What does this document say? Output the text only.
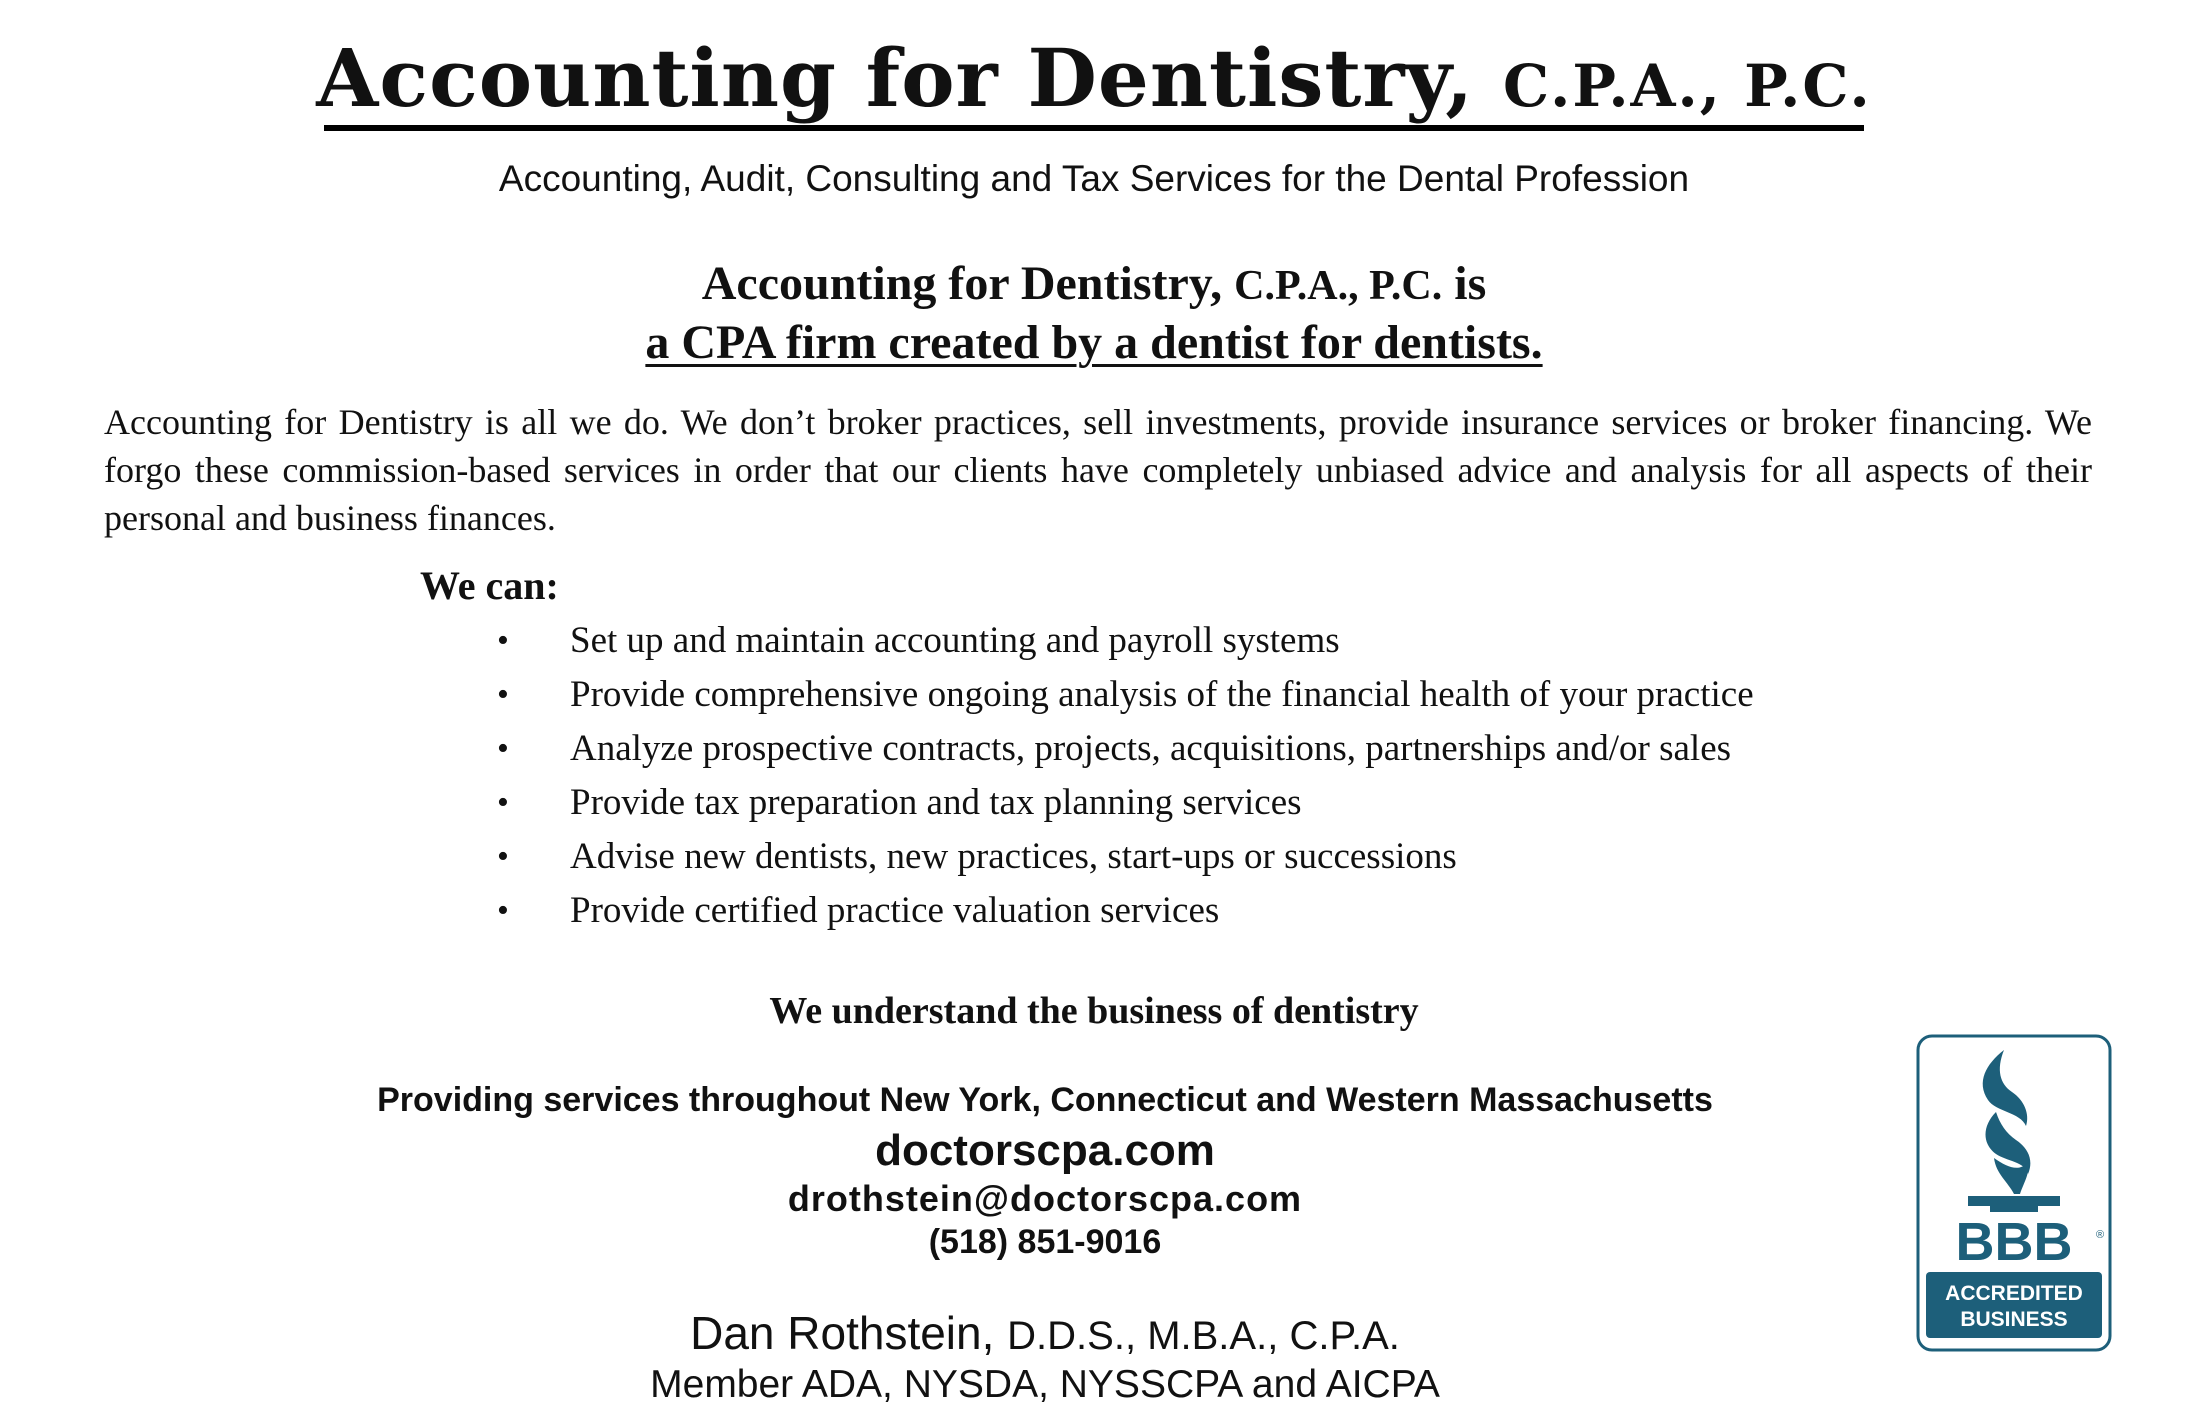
Accounting for Dentistry, C.P.A., P.C.
Accounting, Audit, Consulting and Tax Services for the Dental Profession
Accounting for Dentistry, C.P.A., P.C. is
a CPA firm created by a dentist for dentists.
Accounting for Dentistry is all we do. We don’t broker practices, sell investments, provide insurance services or broker financing. We forgo these commission-based services in order that our clients have completely unbiased advice and analysis for all aspects of their personal and business finances.
We can:
• Set up and maintain accounting and payroll systems
• Provide comprehensive ongoing analysis of the financial health of your practice
• Analyze prospective contracts, projects, acquisitions, partnerships and/or sales
• Provide tax preparation and tax planning services
• Advise new dentists, new practices, start-ups or successions
• Provide certified practice valuation services
We understand the business of dentistry
Providing services throughout New York, Connecticut and Western Massachusetts
doctorscpa.com
drothstein@doctorscpa.com
(518) 851-9016
Dan Rothstein, D.D.S., M.B.A., C.P.A.
Member ADA, NYSDA, NYSSCPA and AICPA
BBB ®
ACCREDITED
BUSINESS
